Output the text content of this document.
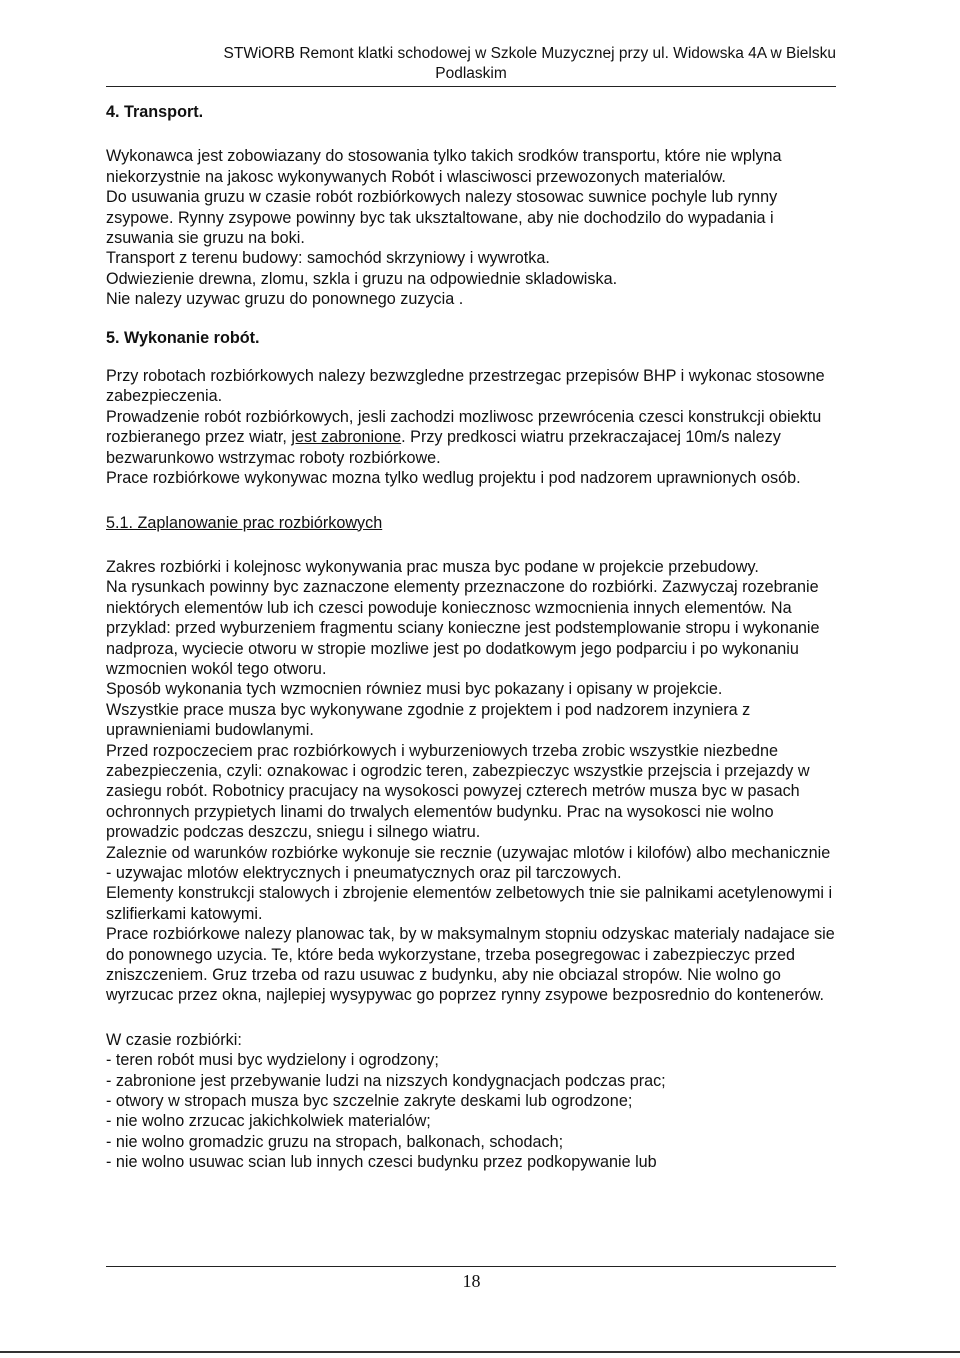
STWiORB Remont klatki schodowej w Szkole Muzycznej przy ul. Widowska 4A w Bielsku
Podlaskim

4. Transport.

Wykonawca jest zobowiazany do stosowania tylko takich srodków transportu, które nie wplyna niekorzystnie na jakosc wykonywanych Robót i wlasciwosci przewozonych materialów.

Do usuwania gruzu w czasie robót rozbiórkowych nalezy stosowac suwnice pochyle lub rynny zsypowe. Rynny zsypowe powinny byc tak uksztaltowane, aby nie dochodzilo do wypadania i zsuwania sie gruzu na boki.

Transport z terenu budowy: samochód skrzyniowy i wywrotka.

Odwiezienie drewna, zlomu, szkla i gruzu na odpowiednie skladowiska.

Nie nalezy uzywac gruzu do ponownego zuzycia .

5. Wykonanie robót.

Przy robotach rozbiórkowych nalezy bezwzgledne przestrzegac przepisów BHP i wykonac stosowne zabezpieczenia.

Prowadzenie robót rozbiórkowych, jesli zachodzi mozliwosc przewrócenia czesci konstrukcji obiektu rozbieranego przez wiatr, jest zabronione. Przy predkosci wiatru przekraczajacej 10m/s nalezy bezwarunkowo wstrzymac roboty rozbiórkowe.

Prace rozbiórkowe wykonywac mozna tylko wedlug projektu i pod nadzorem uprawnionych osób.

5.1. Zaplanowanie prac rozbiórkowych

Zakres rozbiórki i kolejnosc wykonywania prac musza byc podane w projekcie przebudowy.

Na rysunkach powinny byc zaznaczone elementy przeznaczone do rozbiórki. Zazwyczaj rozebranie niektórych elementów lub ich czesci powoduje koniecznosc wzmocnienia innych elementów. Na przyklad: przed wyburzeniem fragmentu sciany konieczne jest podstemplowanie stropu i wykonanie nadproza, wyciecie otworu w stropie mozliwe jest po dodatkowym jego podparciu i po wykonaniu wzmocnien wokól tego otworu.

Sposób wykonania tych wzmocnien równiez musi byc pokazany i opisany w projekcie.

Wszystkie prace musza byc wykonywane zgodnie z projektem i pod nadzorem inzyniera z uprawnieniami budowlanymi.

Przed rozpoczeciem prac rozbiórkowych i wyburzeniowych trzeba zrobic wszystkie niezbedne zabezpieczenia, czyli: oznakowac i ogrodzic teren, zabezpieczyc wszystkie przejscia i przejazdy w zasiegu robót. Robotnicy pracujacy na wysokosci powyzej czterech metrów musza byc w pasach ochronnych przypietych linami do trwalych elementów budynku. Prac na wysokosci nie wolno prowadzic podczas deszczu, sniegu i silnego wiatru.

Zaleznie od warunków rozbiórke wykonuje sie recznie (uzywajac mlotów i kilofów) albo mechanicznie - uzywajac mlotów elektrycznych i pneumatycznych oraz pil tarczowych.

Elementy konstrukcji stalowych i zbrojenie elementów zelbetowych tnie sie palnikami acetylenowymi i szlifierkami katowymi.

Prace rozbiórkowe nalezy planowac tak, by w maksymalnym stopniu odzyskac materialy nadajace sie do ponownego uzycia. Te, które beda wykorzystane, trzeba posegregowac i zabezpieczyc przed zniszczeniem. Gruz trzeba od razu usuwac z budynku, aby nie obciazal stropów. Nie wolno go wyrzucac przez okna, najlepiej wysypywac go poprzez rynny zsypowe bezposrednio do kontenerów.

W czasie rozbiórki:

- teren robót musi byc wydzielony i ogrodzony;

- zabronione jest przebywanie ludzi na nizszych kondygnacjach podczas prac;

- otwory w stropach musza byc szczelnie zakryte deskami lub ogrodzone;

- nie wolno zrzucac jakichkolwiek materialów;

- nie wolno gromadzic gruzu na stropach, balkonach, schodach;

- nie wolno usuwac scian lub innych czesci budynku przez podkopywanie lub

18
